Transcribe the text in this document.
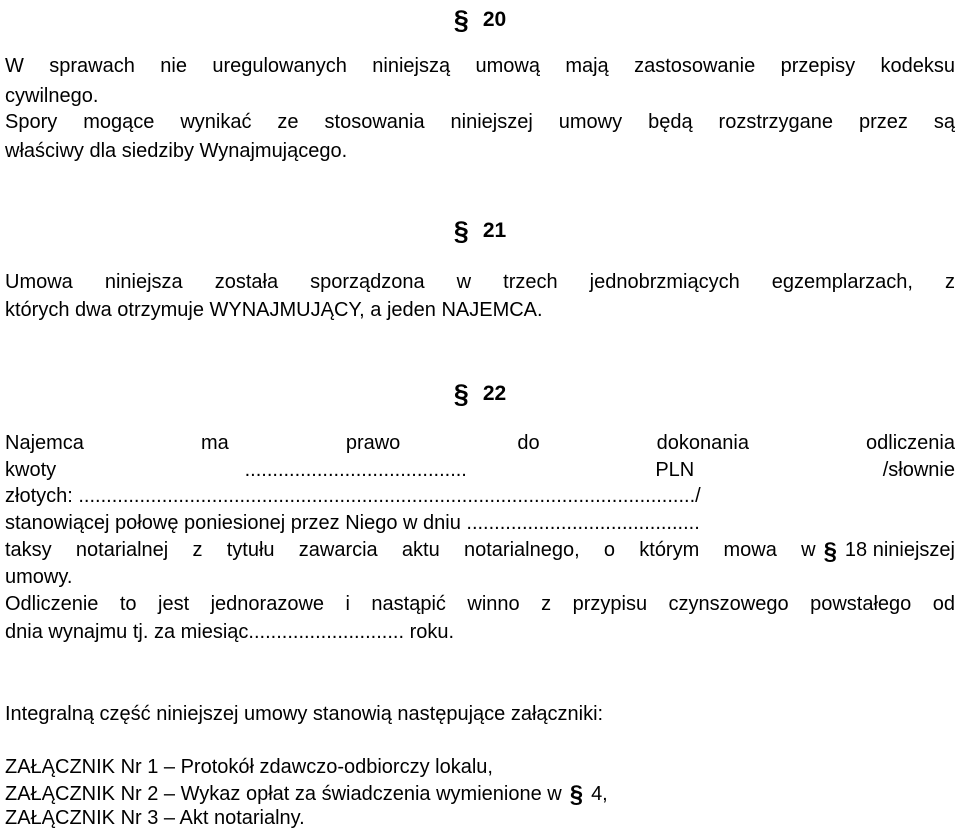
§ 20
W sprawach nie uregulowanych niniejszą umową mają zastosowanie przepisy kodeksu
cywilnego.
Spory mogące wynikać ze stosowania niniejszej umowy będą rozstrzygane przez są
właściwy dla siedziby Wynajmującego.
§ 21
Umowa niniejsza została sporządzona w trzech jednobrzmiących egzemplarzach, z
których dwa otrzymuje WYNAJMUJĄCY, a jeden NAJEMCA.
§ 22
Najemca ma prawo do dokonania odliczenia
kwoty ........................................ PLN /słownie
złotych: .............................................................................................................../
stanowiącej połowę poniesionej przez Niego w dniu ..........................................
taksy notarialnej z tytułu zawarcia aktu notarialnego, o którym mowa w § 18 niniejszej
umowy.
Odliczenie to jest jednorazowe i nastąpić winno z przypisu czynszowego powstałego od
dnia wynajmu tj. za miesiąc............................ roku.
Integralną część niniejszej umowy stanowią następujące załączniki:
ZAŁĄCZNIK Nr 1 – Protokół zdawczo-odbiorczy lokalu,
ZAŁĄCZNIK Nr 2 – Wykaz opłat za świadczenia wymienione w § 4,
ZAŁĄCZNIK Nr 3 – Akt notarialny.
